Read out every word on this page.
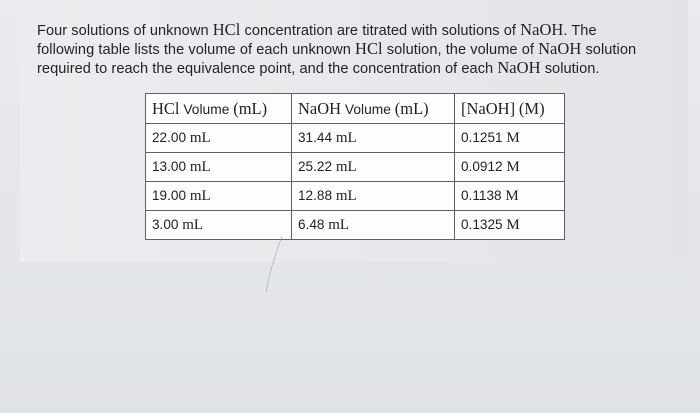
Four solutions of unknown HCl concentration are titrated with solutions of NaOH. The
following table lists the volume of each unknown HCl solution, the volume of NaOH solution
required to reach the equivalence point, and the concentration of each NaOH solution.

HCl Volume (mL)	NaOH Volume (mL)	[NaOH] (M)
22.00 mL	31.44 mL	0.1251 M
13.00 mL	25.22 mL	0.0912 M
19.00 mL	12.88 mL	0.1138 M
3.00 mL	6.48 mL	0.1325 M
